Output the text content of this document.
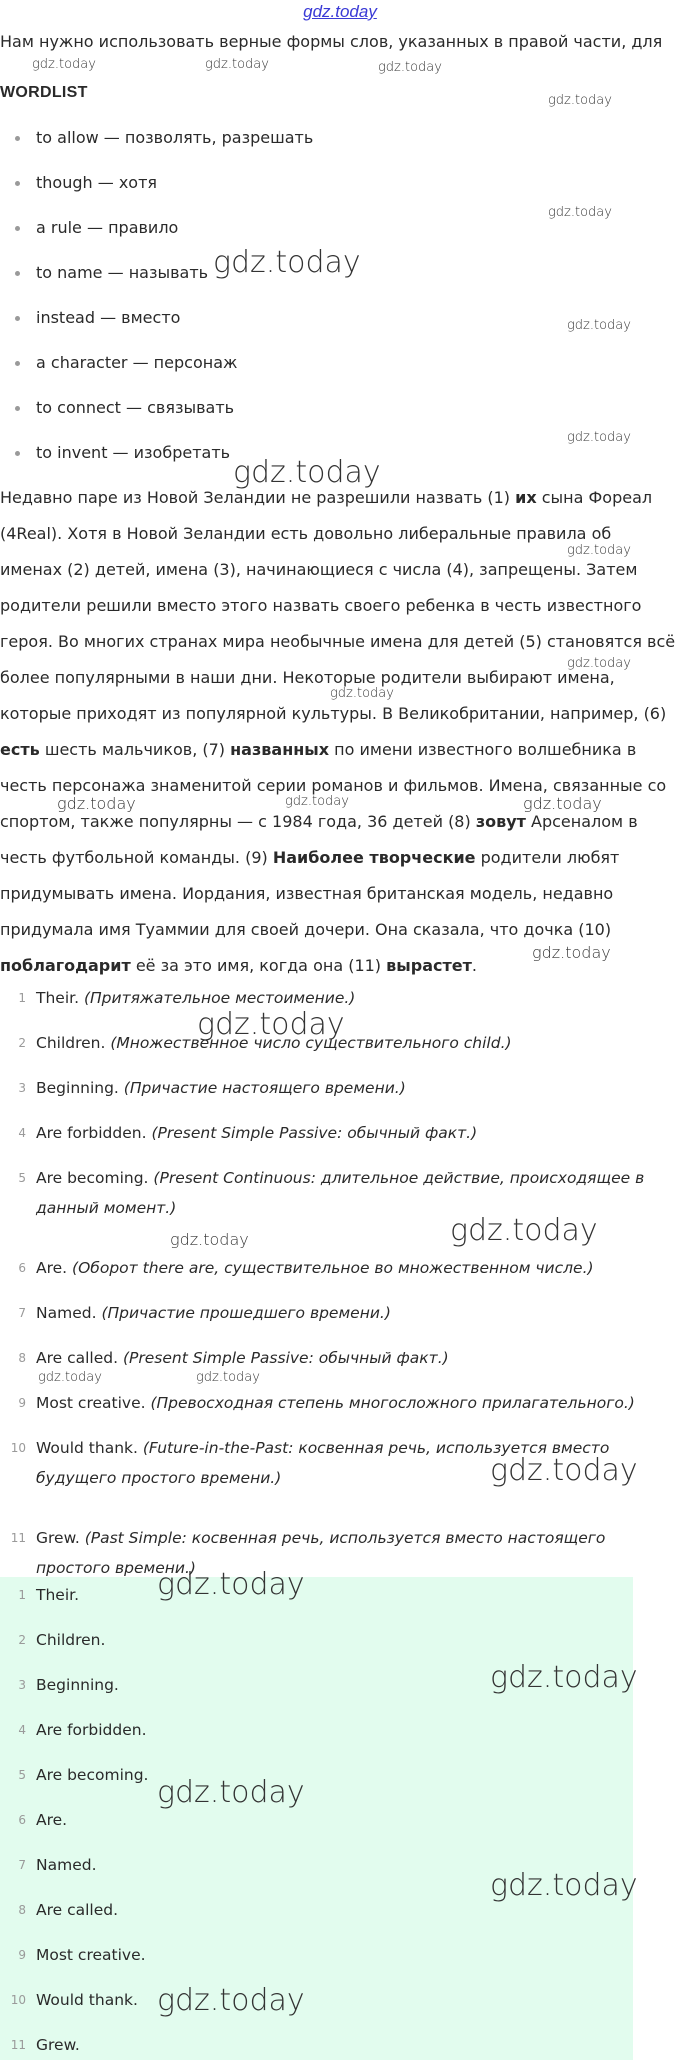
gdz.today
Нам нужно использовать верные формы слов, указанных в правой части, для
WORDLIST
to allow — позволять, разрешать
though — хотя
a rule — правило
to name — называть
instead — вместо
a character — персонаж
to connect — связывать
to invent — изобретать
Недавно паре из Новой Зеландии не разрешили назвать (1) их сына Фореал (4Real). Хотя в Новой Зеландии есть довольно либеральные правила об именах (2) детей, имена (3), начинающиеся с числа (4), запрещены. Затем родители решили вместо этого назвать своего ребенка в честь известного героя. Во многих странах мира необычные имена для детей (5) становятся всё более популярными в наши дни. Некоторые родители выбирают имена, которые приходят из популярной культуры. В Великобритании, например, (6) есть шесть мальчиков, (7) названных по имени известного волшебника в честь персонажа знаменитой серии романов и фильмов. Имена, связанные со спортом, также популярны — с 1984 года, 36 детей (8) зовут Арсеналом в честь футбольной команды. (9) Наиболее творческие родители любят придумывать имена. Иордания, известная британская модель, недавно придумала имя Туаммии для своей дочери. Она сказала, что дочка (10) поблагодарит её за это имя, когда она (11) вырастет.
1 Their. (Притяжательное местоимение.)
2 Children. (Множественное число существительного child.)
3 Beginning. (Причастие настоящего времени.)
4 Are forbidden. (Present Simple Passive: обычный факт.)
5 Are becoming. (Present Continuous: длительное действие, происходящее в данный момент.)
6 Are. (Оборот there are, существительное во множественном числе.)
7 Named. (Причастие прошедшего времени.)
8 Are called. (Present Simple Passive: обычный факт.)
9 Most creative. (Превосходная степень многосложного прилагательного.)
10 Would thank. (Future-in-the-Past: косвенная речь, используется вместо будущего простого времени.)
11 Grew. (Past Simple: косвенная речь, используется вместо настоящего простого времени.)
1 Their.
2 Children.
3 Beginning.
4 Are forbidden.
5 Are becoming.
6 Are.
7 Named.
8 Are called.
9 Most creative.
10 Would thank.
11 Grew.
gdz.today	gdz.today	gdz.today
gdz.today
gdz.today
gdz.today
gdz.today
gdz.today
gdz.today
gdz.today
gdz.today
gdz.today
gdz.today	gdz.today	gdz.today
gdz.today
gdz.today
gdz.today	gdz.today
gdz.today	gdz.today
gdz.today
gdz.today
gdz.today
gdz.today
gdz.today
gdz.today
